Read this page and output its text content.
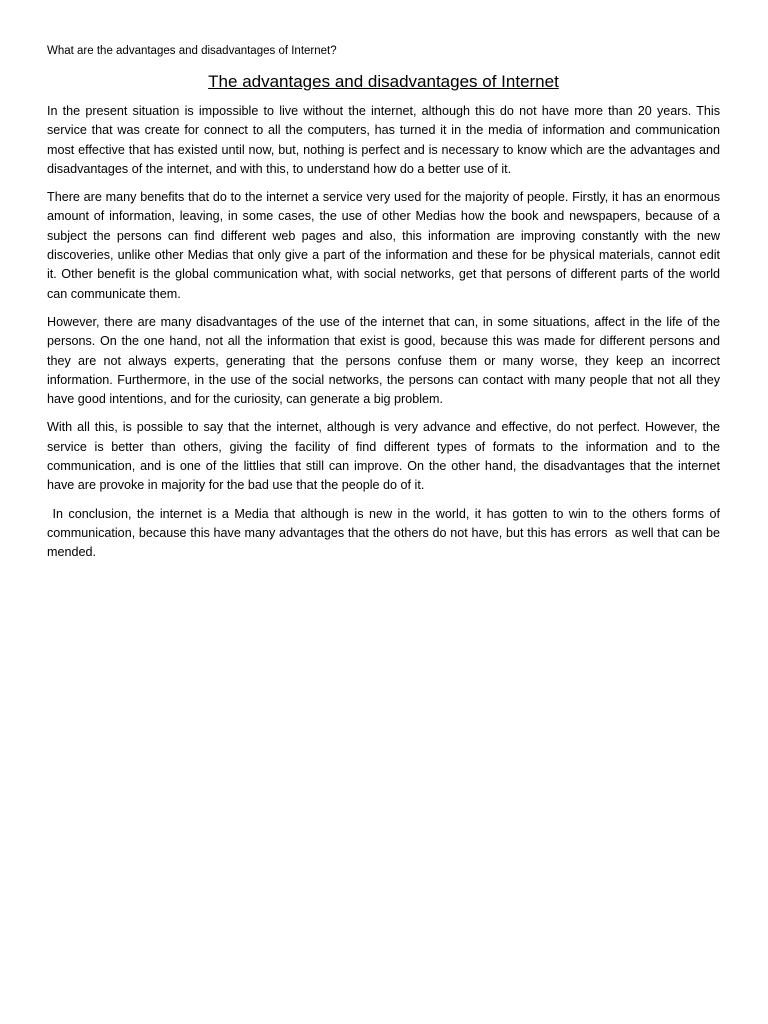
What are the advantages and disadvantages of Internet?
The advantages and disadvantages of Internet

In the present situation is impossible to live without the internet, although this do not have more than 20 years. This service that was create for connect to all the computers, has turned it in the media of information and communication most effective that has existed until now, but, nothing is perfect and is necessary to know which are the advantages and disadvantages of the internet, and with this, to understand how do a better use of it.

There are many benefits that do to the internet a service very used for the majority of people. Firstly, it has an enormous amount of information, leaving, in some cases, the use of other Medias how the book and newspapers, because of a subject the persons can find different web pages and also, this information are improving constantly with the new discoveries, unlike other Medias that only give a part of the information and these for be physical materials, cannot edit it. Other benefit is the global communication what, with social networks, get that persons of different parts of the world can communicate them.

However, there are many disadvantages of the use of the internet that can, in some situations, affect in the life of the persons. On the one hand, not all the information that exist is good, because this was made for different persons and they are not always experts, generating that the persons confuse them or many worse, they keep an incorrect information. Furthermore, in the use of the social networks, the persons can contact with many people that not all they have good intentions, and for the curiosity, can generate a big problem.

With all this, is possible to say that the internet, although is very advance and effective, do not perfect. However, the service is better than others, giving the facility of find different types of formats to the information and to the communication, and is one of the littlies that still can improve. On the other hand, the disadvantages that the internet have are provoke in majority for the bad use that the people do of it.

In conclusion, the internet is a Media that although is new in the world, it has gotten to win to the others forms of communication, because this have many advantages that the others do not have, but this has errors  as well that can be mended.
